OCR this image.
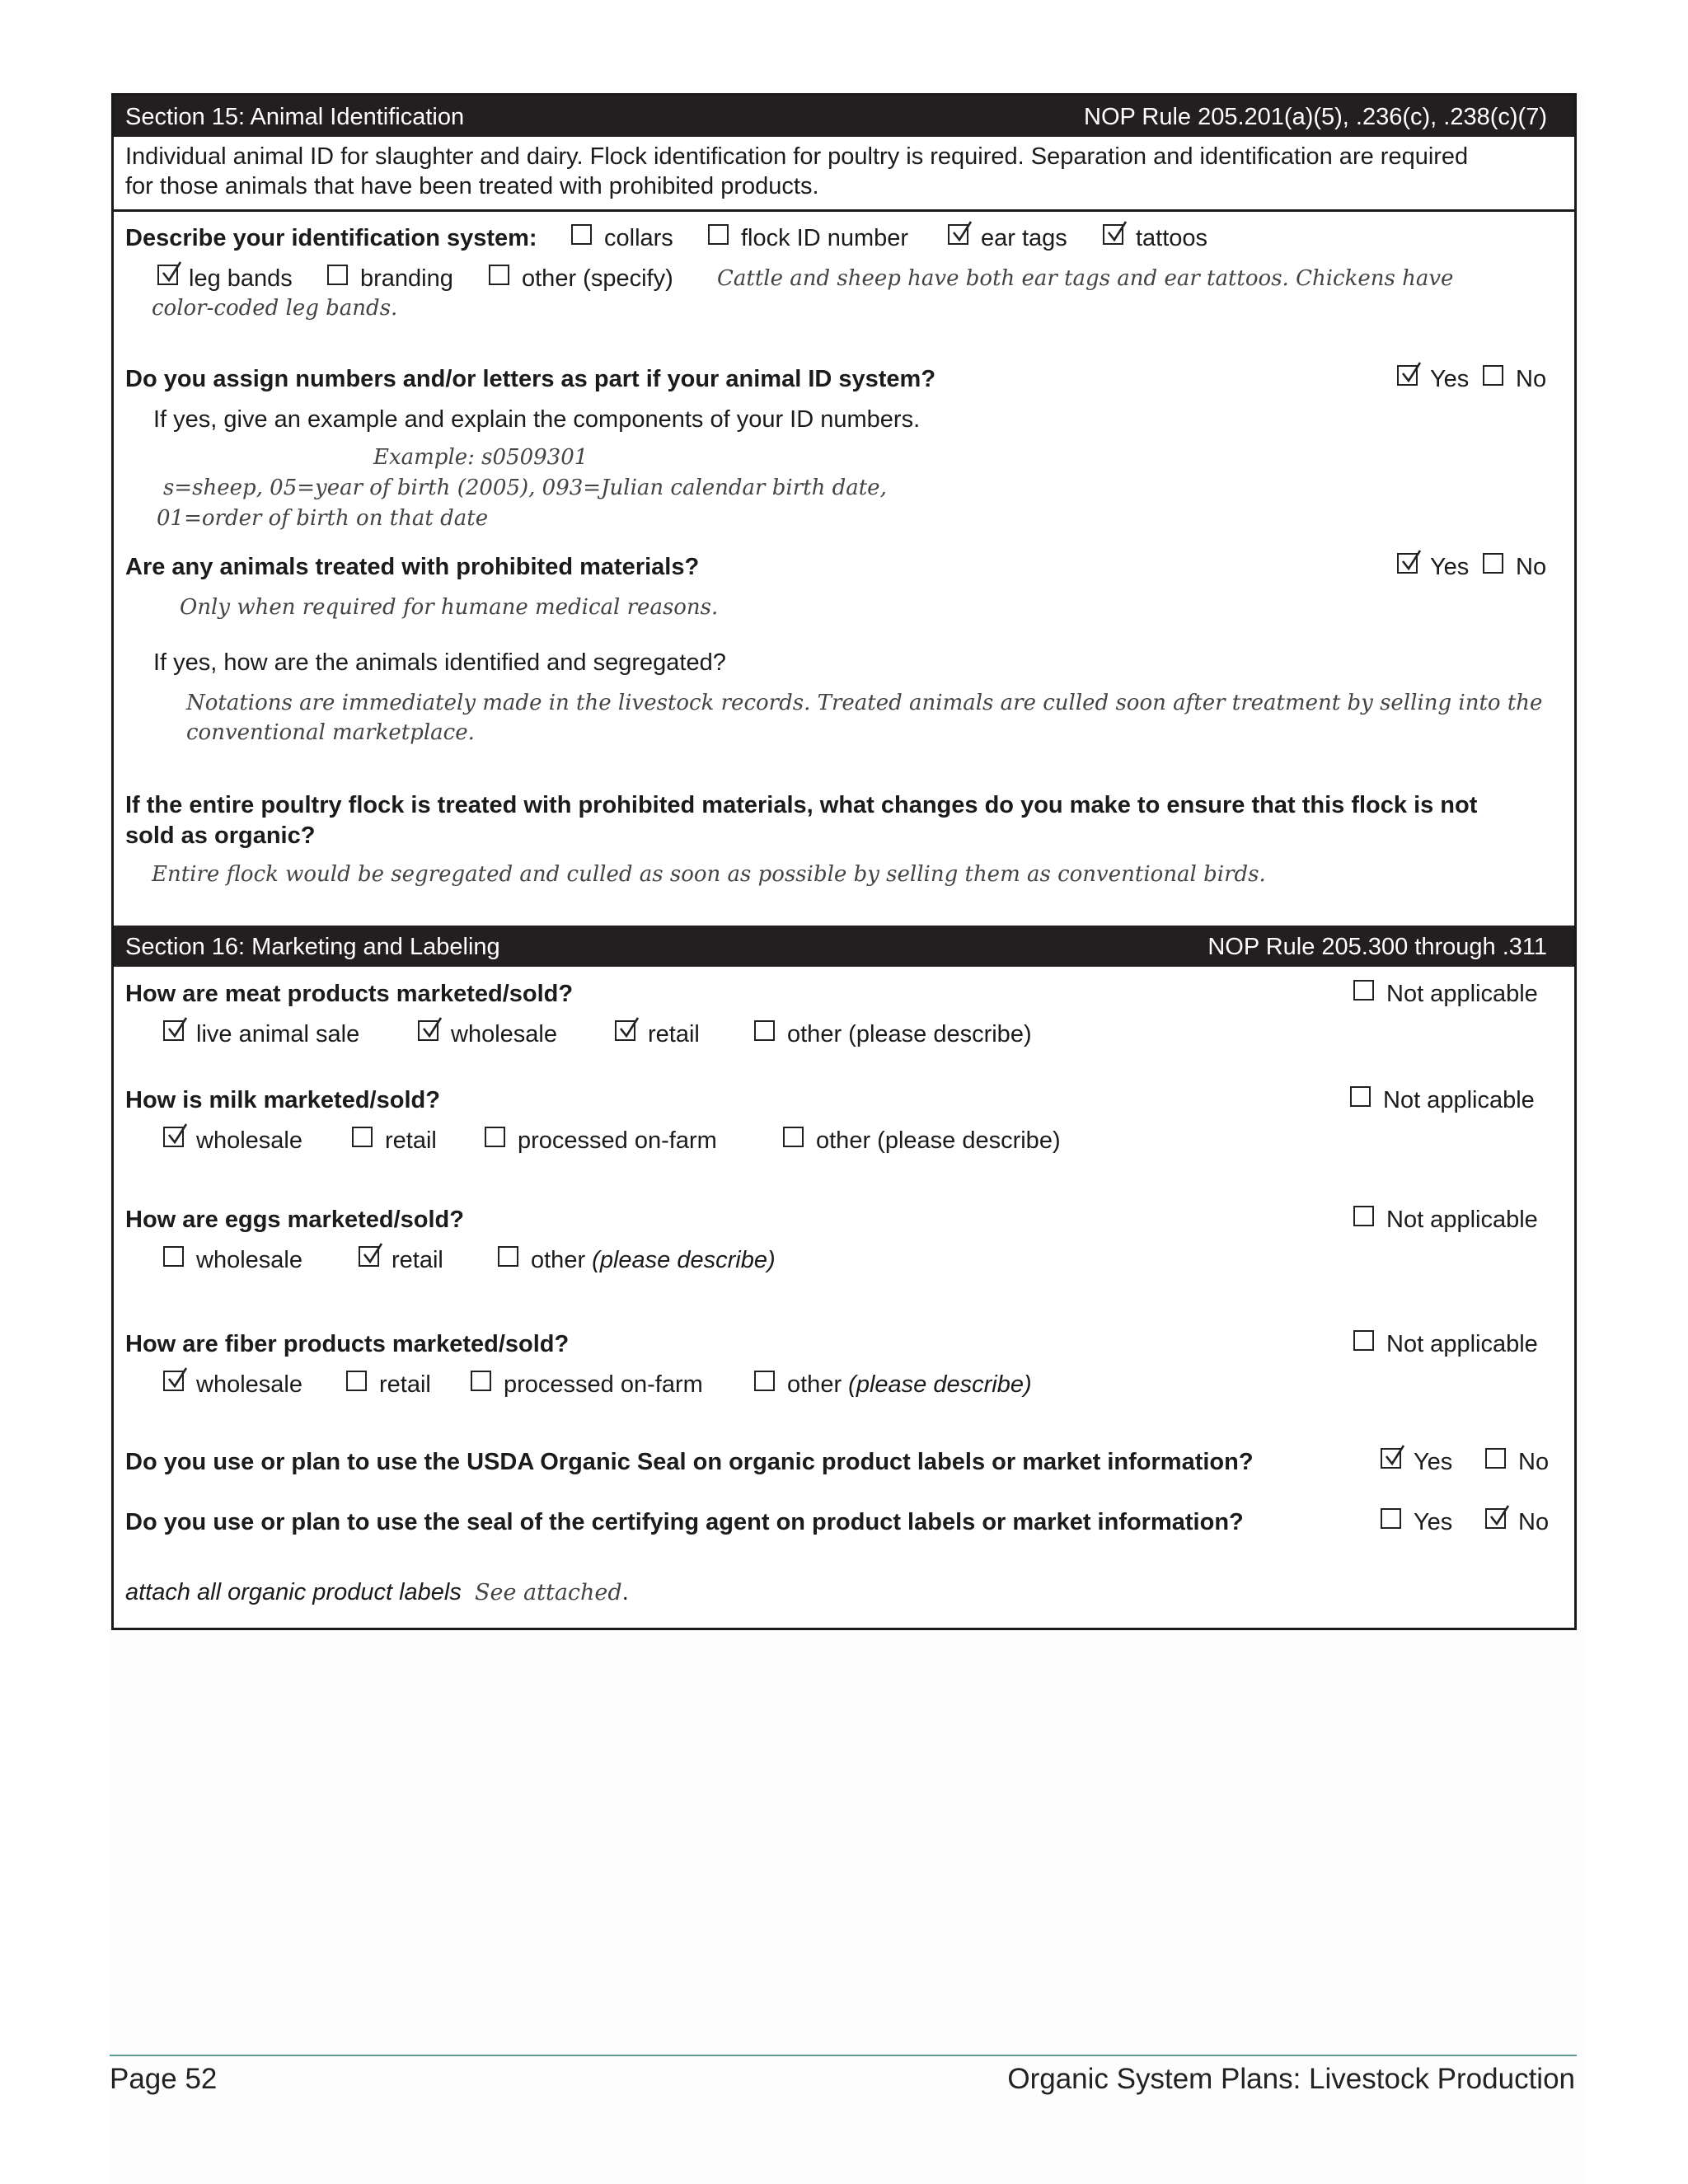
Section 15: Animal Identification	NOP Rule 205.201(a)(5), .236(c), .238(c)(7)
Individual animal ID for slaughter and dairy. Flock identification for poultry is required. Separation and identification are required
for those animals that have been treated with prohibited products.
Describe your identification system:	collars	flock ID number	ear tags	tattoos
leg bands	branding	other (specify) Cattle and sheep have both ear tags and ear tattoos. Chickens have
color-coded leg bands.
Do you assign numbers and/or letters as part if your animal ID system?	Yes No
If yes, give an example and explain the components of your ID numbers.
Example: s0509301
s=sheep, 05=year of birth (2005), 093=Julian calendar birth date,
01=order of birth on that date
Are any animals treated with prohibited materials?	Yes No
Only when required for humane medical reasons.
If yes, how are the animals identified and segregated?
Notations are immediately made in the livestock records. Treated animals are culled soon after treatment by selling into the
conventional marketplace.
If the entire poultry flock is treated with prohibited materials, what changes do you make to ensure that this flock is not
sold as organic?
Entire flock would be segregated and culled as soon as possible by selling them as conventional birds.
Section 16: Marketing and Labeling	NOP Rule 205.300 through .311
How are meat products marketed/sold?	Not applicable
live animal sale	wholesale	retail	other (please describe)
How is milk marketed/sold?	Not applicable
wholesale	retail	processed on-farm	other (please describe)
How are eggs marketed/sold?	Not applicable
wholesale	retail	other (please describe)
How are fiber products marketed/sold?	Not applicable
wholesale	retail	processed on-farm	other (please describe)
Do you use or plan to use the USDA Organic Seal on organic product labels or market information?	Yes	No
Do you use or plan to use the seal of the certifying agent on product labels or market information?	Yes	No
attach all organic product labels See attached.
Page 52	Organic System Plans: Livestock Production
